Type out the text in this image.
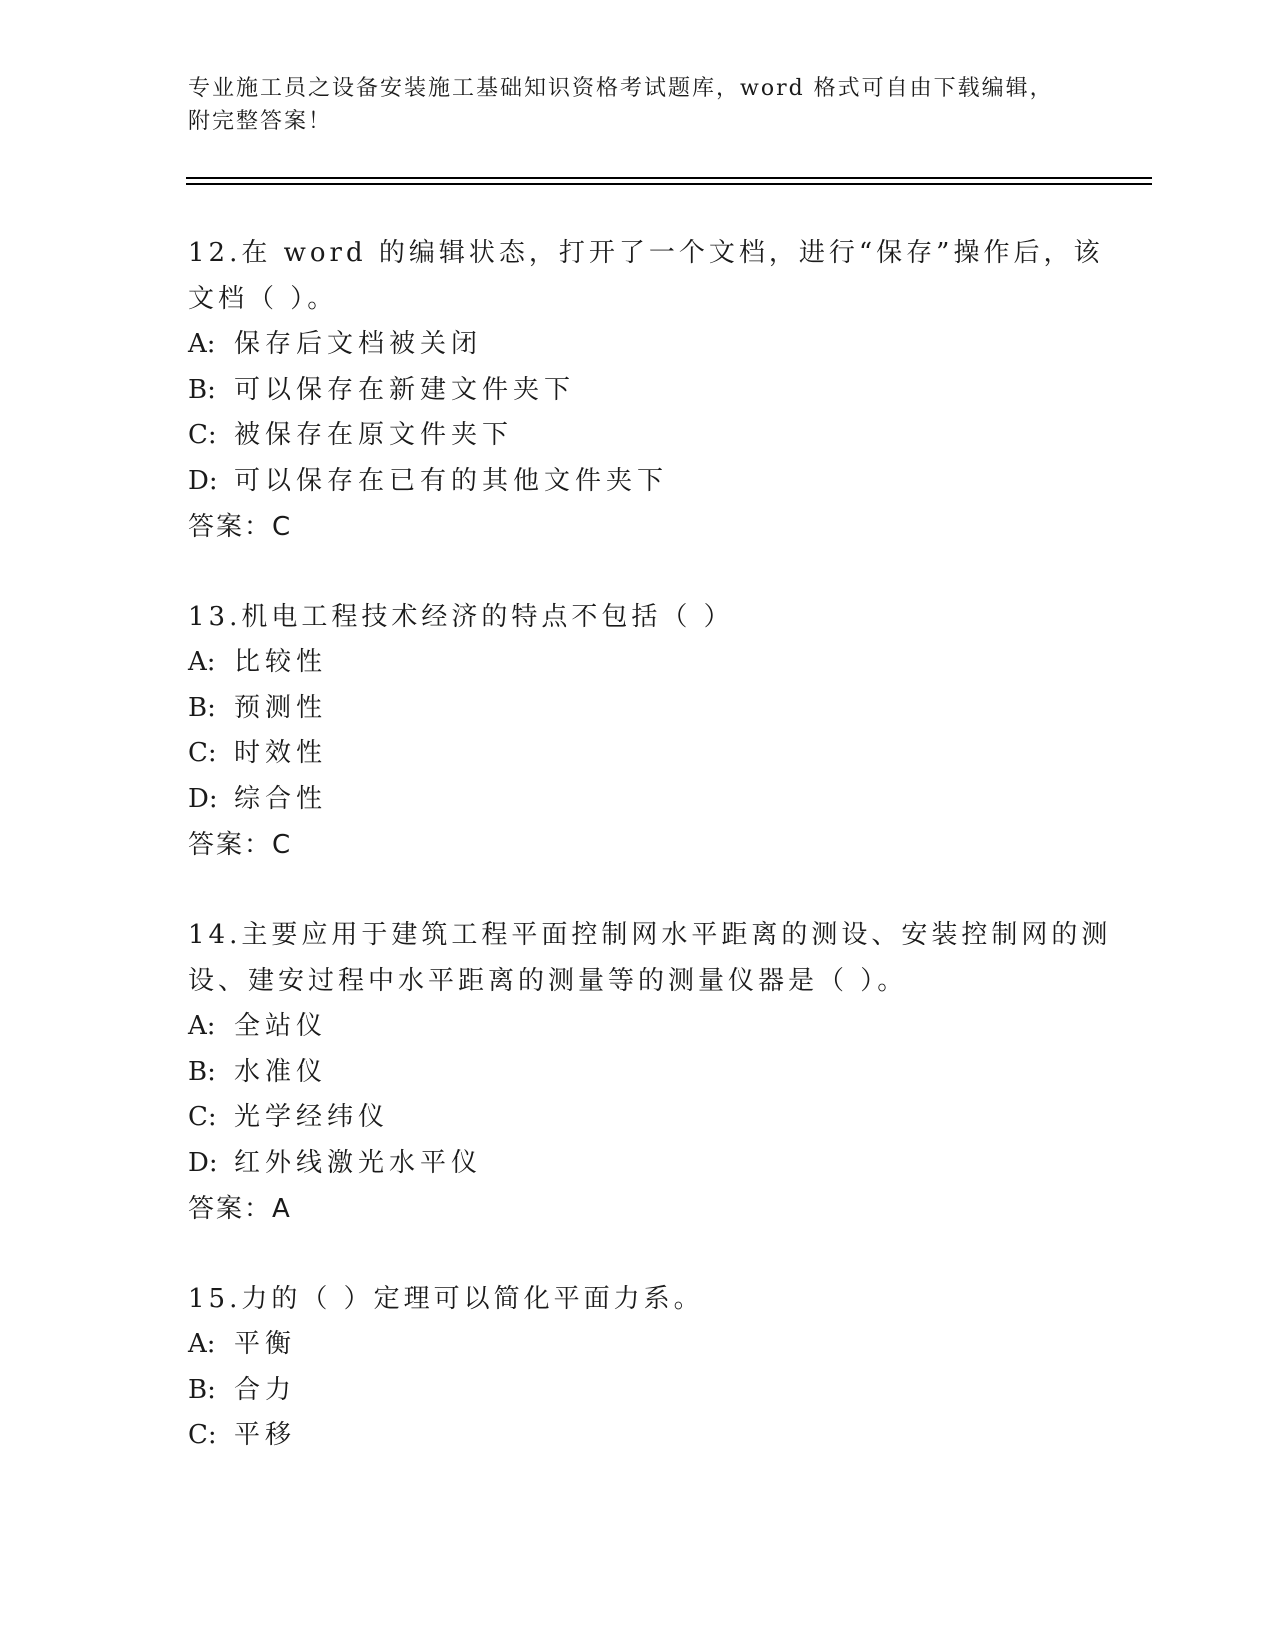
专业施工员之设备安装施工基础知识资格考试题库，word 格式可自由下载编辑，
附完整答案！
12.在 word 的编辑状态，打开了一个文档，进行“保存”操作后，该
文档（ ）。
A: 保存后文档被关闭
B: 可以保存在新建文件夹下
C: 被保存在原文件夹下
D: 可以保存在已有的其他文件夹下
答案：C
13.机电工程技术经济的特点不包括（ ）
A: 比较性
B: 预测性
C: 时效性
D: 综合性
答案：C
14.主要应用于建筑工程平面控制网水平距离的测设、安装控制网的测
设、建安过程中水平距离的测量等的测量仪器是（ ）。
A: 全站仪
B: 水准仪
C: 光学经纬仪
D: 红外线激光水平仪
答案：A
15.力的（ ）定理可以简化平面力系。
A: 平衡
B: 合力
C: 平移
